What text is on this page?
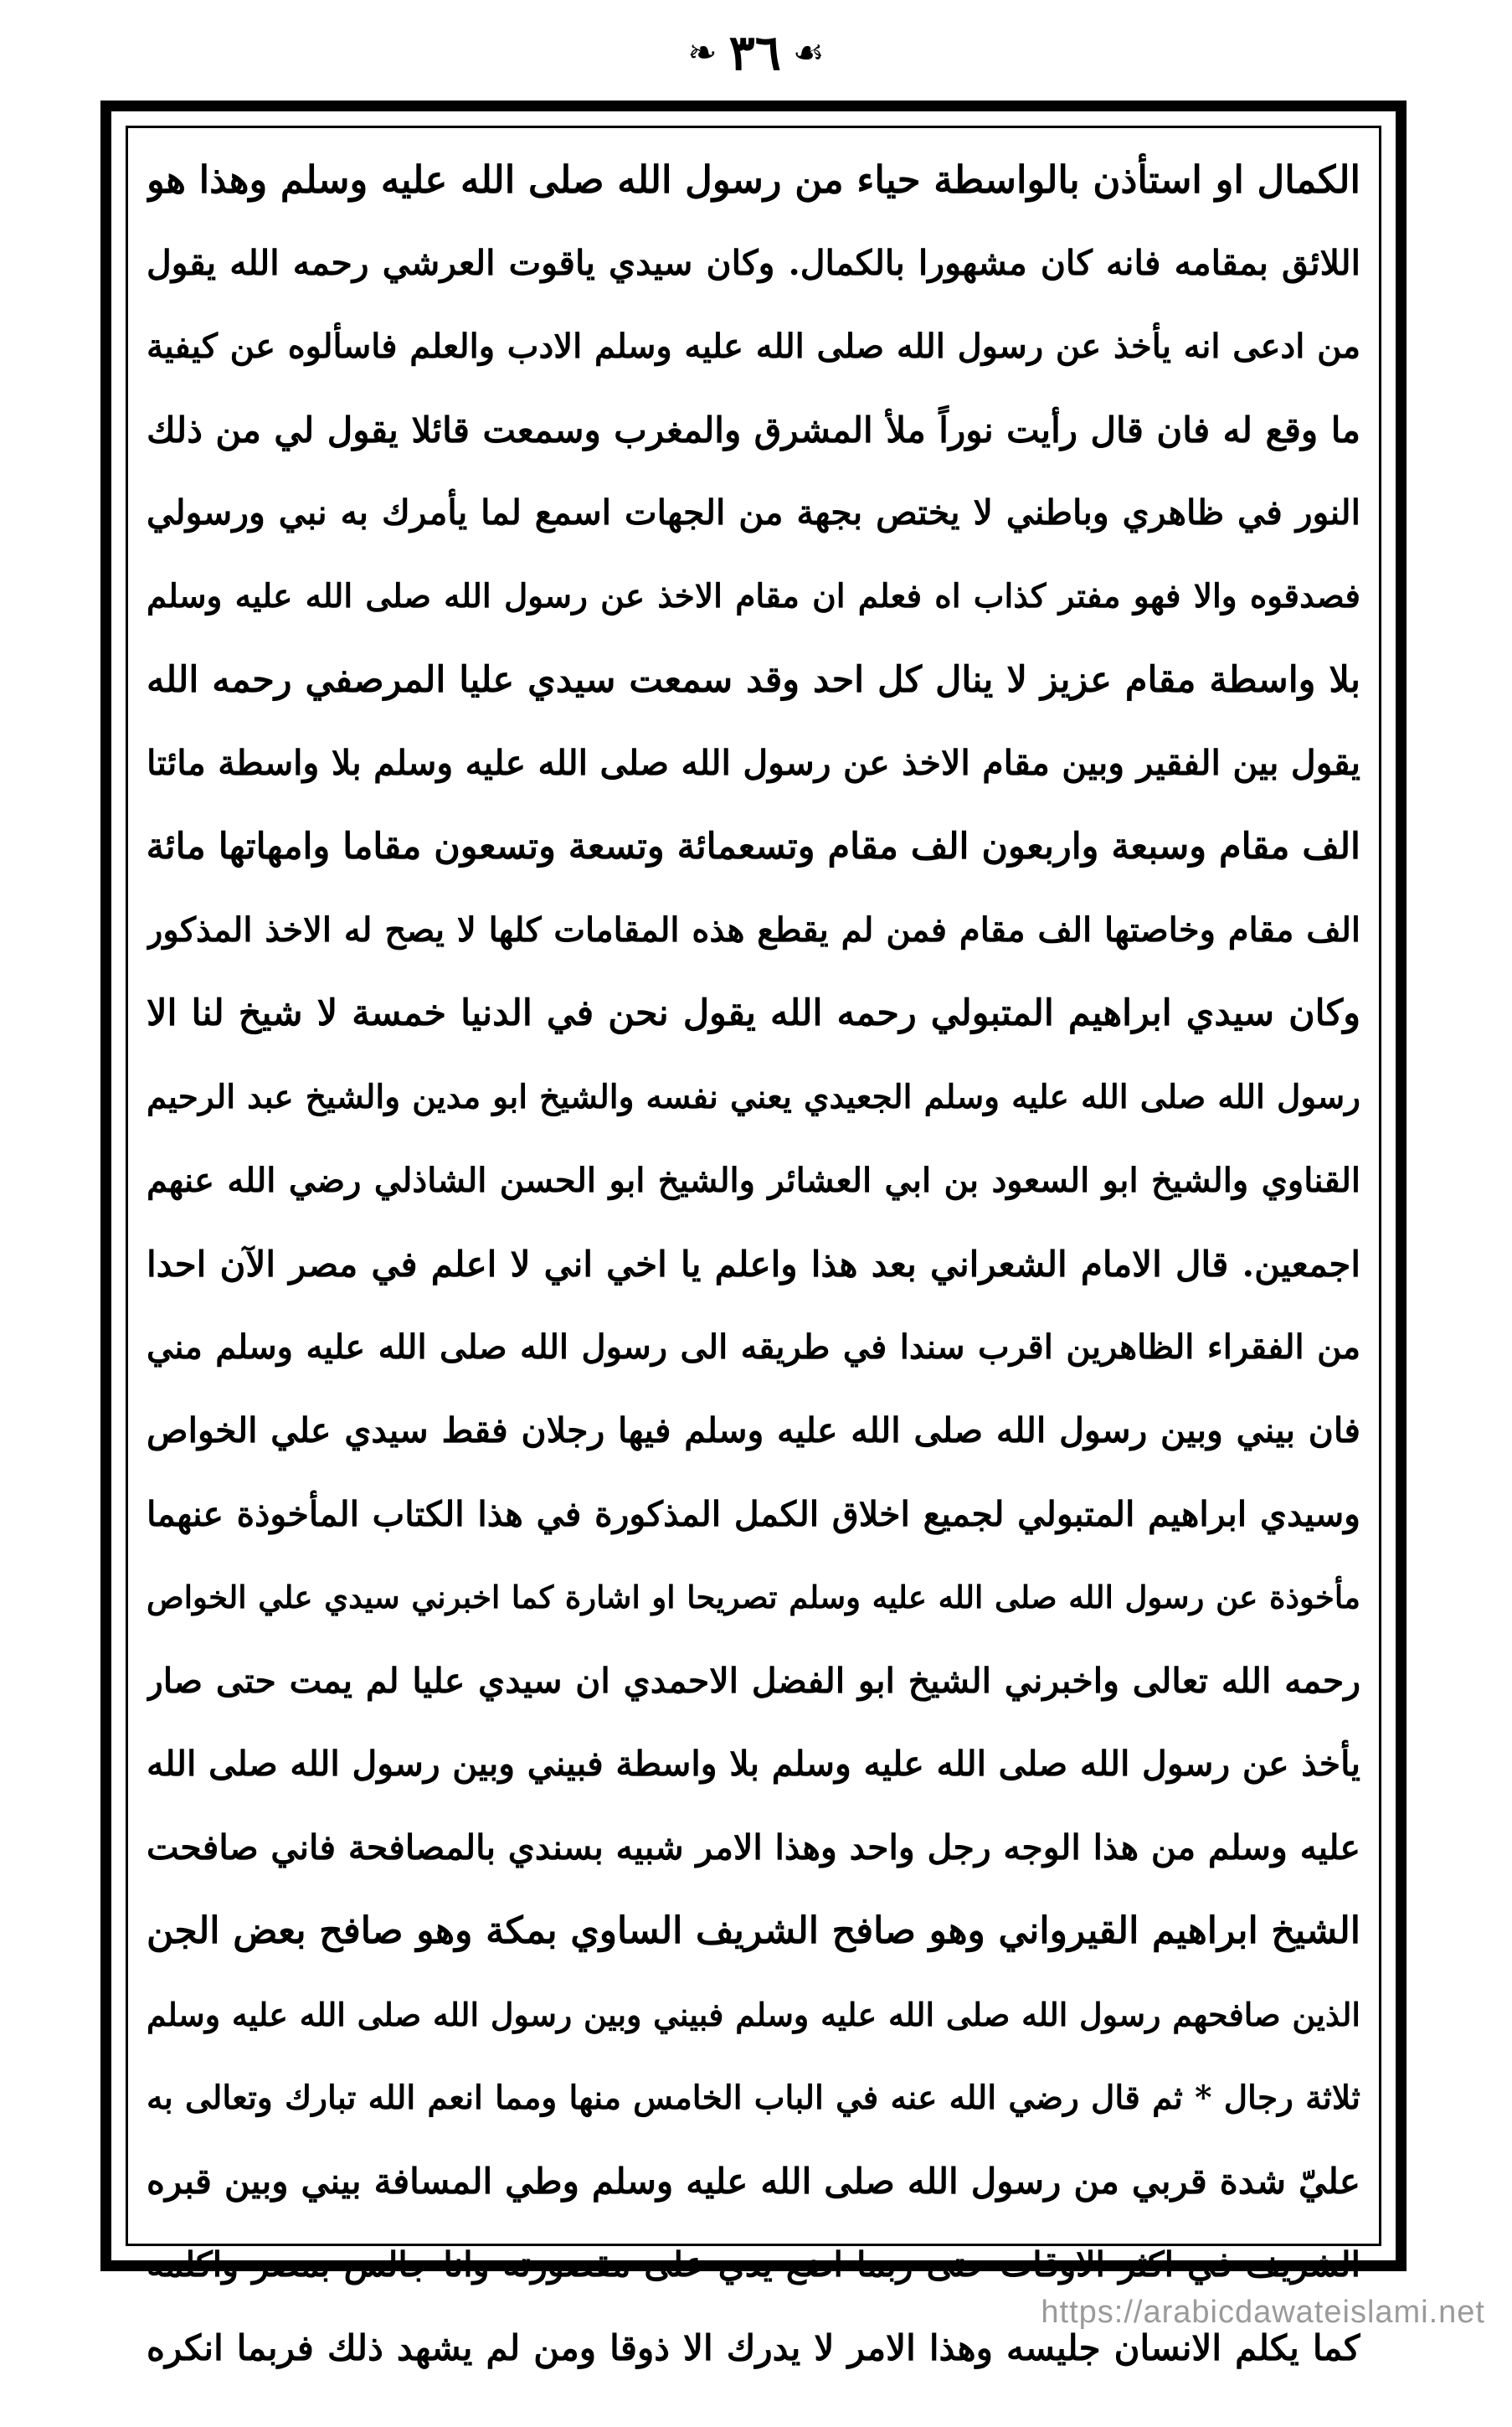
❧ ٣٦ ☙
الكمال او استأذن بالواسطة حياء من رسول الله صلى الله عليه وسلم وهذا هو
اللائق بمقامه فانه كان مشهورا بالكمال. وكان سيدي ياقوت العرشي رحمه الله يقول
من ادعى انه يأخذ عن رسول الله صلى الله عليه وسلم الادب والعلم فاسألوه عن كيفية
ما وقع له فان قال رأيت نوراً ملأ المشرق والمغرب وسمعت قائلا يقول لي من ذلك
النور في ظاهري وباطني لا يختص بجهة من الجهات اسمع لما يأمرك به نبي ورسولي
فصدقوه والا فهو مفتر كذاب اه فعلم ان مقام الاخذ عن رسول الله صلى الله عليه وسلم
بلا واسطة مقام عزيز لا ينال كل احد وقد سمعت سيدي عليا المرصفي رحمه الله
يقول بين الفقير وبين مقام الاخذ عن رسول الله صلى الله عليه وسلم بلا واسطة مائتا
الف مقام وسبعة واربعون الف مقام وتسعمائة وتسعة وتسعون مقاما وامهاتها مائة
الف مقام وخاصتها الف مقام فمن لم يقطع هذه المقامات كلها لا يصح له الاخذ المذكور
وكان سيدي ابراهيم المتبولي رحمه الله يقول نحن في الدنيا خمسة لا شيخ لنا الا
رسول الله صلى الله عليه وسلم الجعيدي يعني نفسه والشيخ ابو مدين والشيخ عبد الرحيم
القناوي والشيخ ابو السعود بن ابي العشائر والشيخ ابو الحسن الشاذلي رضي الله عنهم
اجمعين. قال الامام الشعراني بعد هذا واعلم يا اخي اني لا اعلم في مصر الآن احدا
من الفقراء الظاهرين اقرب سندا في طريقه الى رسول الله صلى الله عليه وسلم مني
فان بيني وبين رسول الله صلى الله عليه وسلم فيها رجلان فقط سيدي علي الخواص
وسيدي ابراهيم المتبولي لجميع اخلاق الكمل المذكورة في هذا الكتاب المأخوذة عنهما
مأخوذة عن رسول الله صلى الله عليه وسلم تصريحا او اشارة كما اخبرني سيدي علي الخواص
رحمه الله تعالى واخبرني الشيخ ابو الفضل الاحمدي ان سيدي عليا لم يمت حتى صار
يأخذ عن رسول الله صلى الله عليه وسلم بلا واسطة فبيني وبين رسول الله صلى الله
عليه وسلم من هذا الوجه رجل واحد وهذا الامر شبيه بسندي بالمصافحة فاني صافحت
الشيخ ابراهيم القيرواني وهو صافح الشريف الساوي بمكة وهو صافح بعض الجن
الذين صافحهم رسول الله صلى الله عليه وسلم فبيني وبين رسول الله صلى الله عليه وسلم
ثلاثة رجال * ثم قال رضي الله عنه في الباب الخامس منها ومما انعم الله تبارك وتعالى به
عليّ شدة قربي من رسول الله صلى الله عليه وسلم وطي المسافة بيني وبين قبره
الشريف في اكثر الاوقات حتى ربما اضع يدي على مقصورته وانا جالس بمصر واكلمه
كما يكلم الانسان جليسه وهذا الامر لا يدرك الا ذوقا ومن لم يشهد ذلك فربما انكره
https://arabicdawateislami.net
